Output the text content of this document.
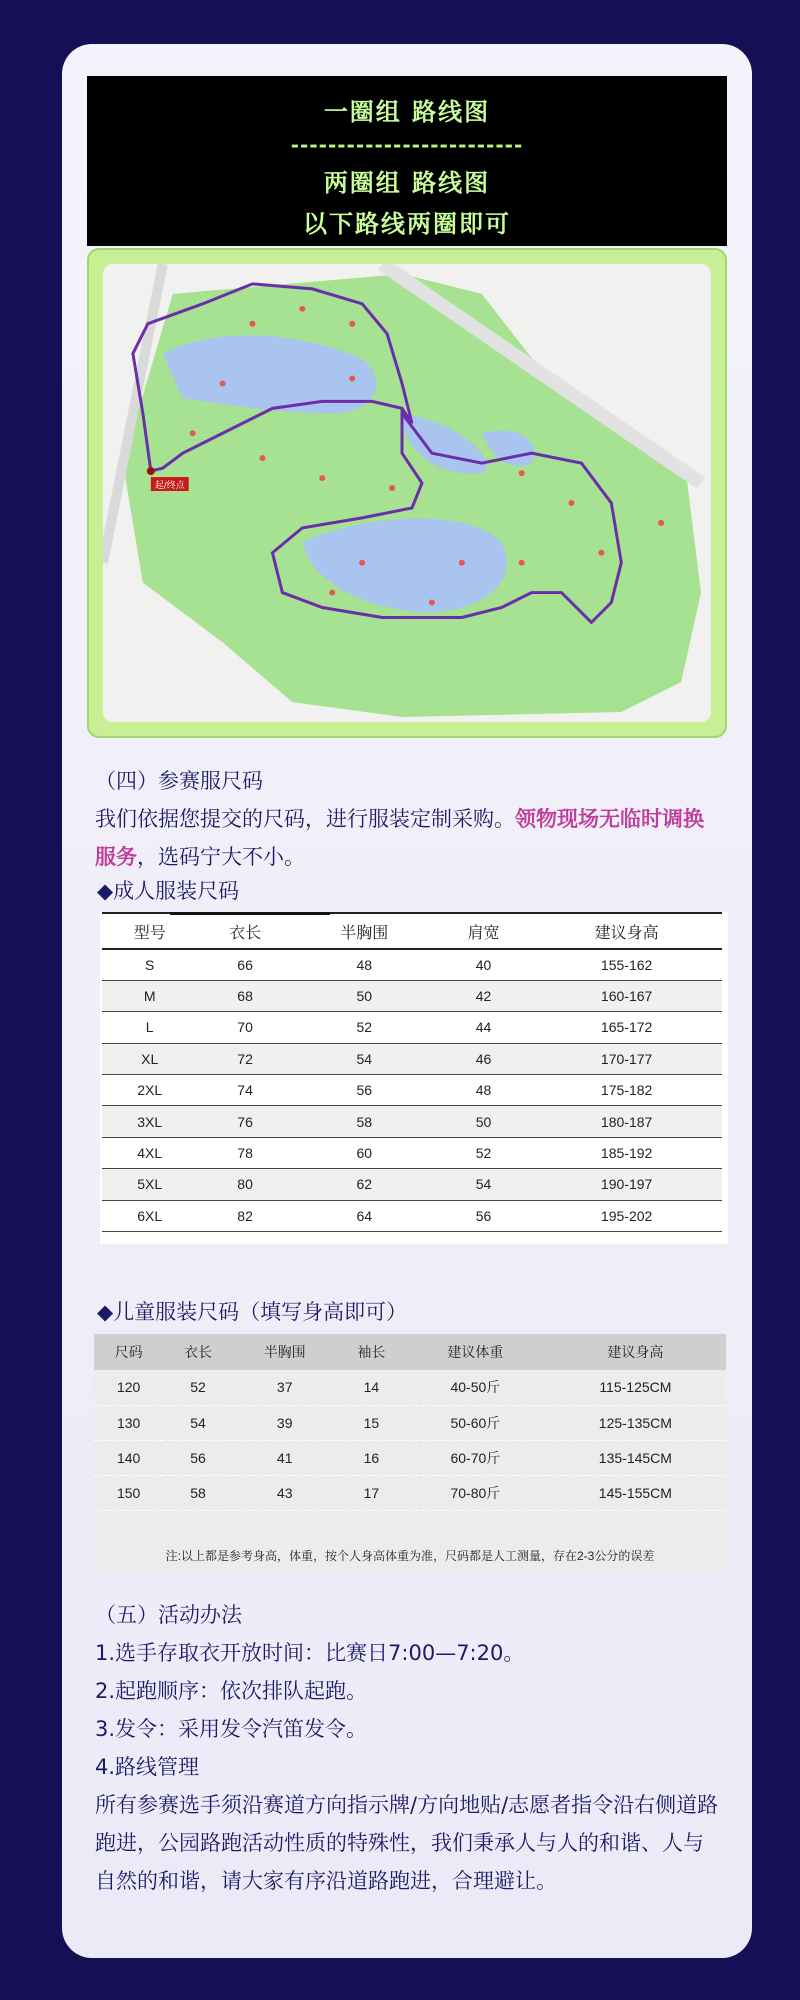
一圈组 路线图
-------------------------
两圈组 路线图
以下路线两圈即可
起/终点
（四）参赛服尺码
我们依据您提交的尺码，进行服装定制采购。领物现场无临时调换服务，选码宁大不小。
◆成人服装尺码
型号	衣长	半胸围	肩宽	建议身高
S	66	48	40	155-162
M	68	50	42	160-167
L	70	52	44	165-172
XL	72	54	46	170-177
2XL	74	56	48	175-182
3XL	76	58	50	180-187
4XL	78	60	52	185-192
5XL	80	62	54	190-197
6XL	82	64	56	195-202
◆儿童服装尺码（填写身高即可）
尺码	衣长	半胸围	袖长	建议体重	建议身高
120	52	37	14	40-50斤	115-125CM
130	54	39	15	50-60斤	125-135CM
140	56	41	16	60-70斤	135-145CM
150	58	43	17	70-80斤	145-155CM
注:以上都是参考身高，体重，按个人身高体重为准，尺码都是人工测量，存在2-3公分的误差
（五）活动办法
1.选手存取衣开放时间：比赛日7:00—7:20。
2.起跑顺序：依次排队起跑。
3.发令：采用发令汽笛发令。
4.路线管理
所有参赛选手须沿赛道方向指示牌/方向地贴/志愿者指令沿右侧道路跑进，公园路跑活动性质的特殊性，我们秉承人与人的和谐、人与自然的和谐，请大家有序沿道路跑进，合理避让。
